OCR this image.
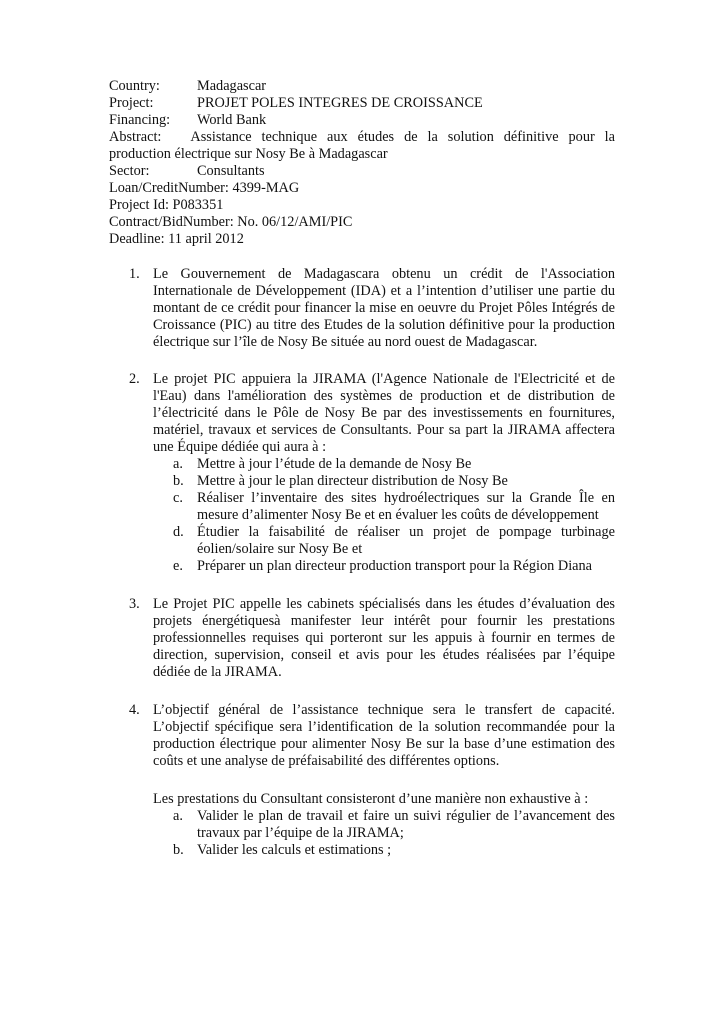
Country:	Madagascar
Project:	PROJET POLES INTEGRES DE CROISSANCE
Financing: World Bank
Abstract: Assistance technique aux études de la solution définitive pour la production électrique sur Nosy Be à Madagascar
Sector:	Consultants
Loan/CreditNumber: 4399-MAG
Project Id: P083351
Contract/BidNumber: No. 06/12/AMI/PIC
Deadline: 11 april 2012
1. Le Gouvernement de Madagascara obtenu un crédit de l'Association Internationale de Développement (IDA) et a l’intention d’utiliser une partie du montant de ce crédit pour financer la mise en oeuvre du Projet Pôles Intégrés de Croissance (PIC) au titre des Etudes de la solution définitive pour la production électrique sur l’île de Nosy Be située au nord ouest de Madagascar.
2. Le projet PIC appuiera la JIRAMA (l'Agence Nationale de l'Electricité et de l'Eau) dans l'amélioration des systèmes de production et de distribution de l’électricité dans le Pôle de Nosy Be par des investissements en fournitures, matériel, travaux et services de Consultants. Pour sa part la JIRAMA affectera une Équipe dédiée qui aura à :
a. Mettre à jour l’étude de la demande de Nosy Be
b. Mettre à jour le plan directeur distribution de Nosy Be
c. Réaliser l’inventaire des sites hydroélectriques sur la Grande Île en mesure d’alimenter Nosy Be et en évaluer les coûts de développement
d. Étudier la faisabilité de réaliser un projet de pompage turbinage éolien/solaire sur Nosy Be et
e. Préparer un plan directeur production transport pour la Région Diana
3. Le Projet PIC appelle les cabinets spécialisés dans les études d’évaluation des projets énergétiquesà manifester leur intérêt pour fournir les prestations professionnelles requises qui porteront sur les appuis à fournir en termes de direction, supervision, conseil et avis pour les études réalisées par l’équipe dédiée de la JIRAMA.
4. L’objectif général de l’assistance technique sera le transfert de capacité. L’objectif spécifique sera l’identification de la solution recommandée pour la production électrique pour alimenter Nosy Be sur la base d’une estimation des coûts et une analyse de préfaisabilité des différentes options.
Les prestations du Consultant consisteront d’une manière non exhaustive à :
a. Valider le plan de travail et faire un suivi régulier de l’avancement des travaux par l’équipe de la JIRAMA;
b. Valider les calculs et estimations ;
